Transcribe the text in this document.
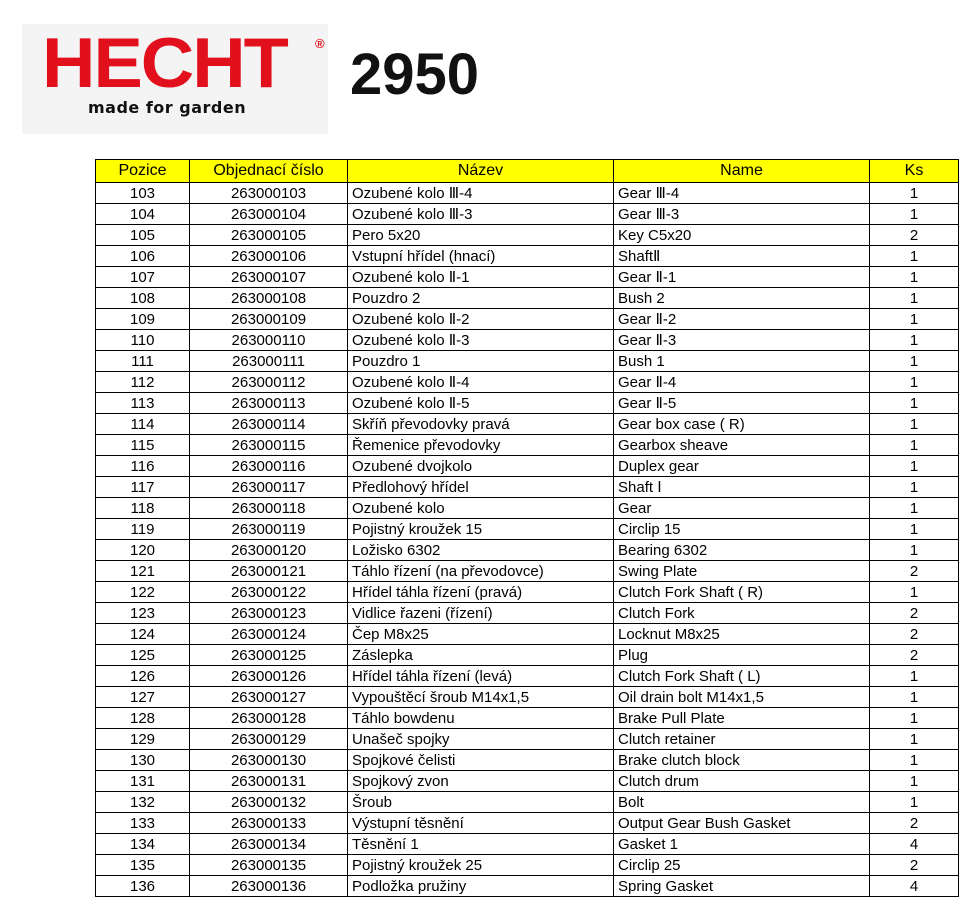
HECHT ®
made for garden
2950
Pozice	Objednací číslo	Název	Name	Ks
103	263000103	Ozubené kolo Ⅲ-4	Gear Ⅲ-4	1
104	263000104	Ozubené kolo Ⅲ-3	Gear Ⅲ-3	1
105	263000105	Pero 5x20	Key C5x20	2
106	263000106	Vstupní hřídel (hnací)	ShaftⅡ	1
107	263000107	Ozubené kolo Ⅱ-1	Gear Ⅱ-1	1
108	263000108	Pouzdro 2	Bush 2	1
109	263000109	Ozubené kolo Ⅱ-2	Gear Ⅱ-2	1
110	263000110	Ozubené kolo Ⅱ-3	Gear Ⅱ-3	1
111	263000111	Pouzdro 1	Bush 1	1
112	263000112	Ozubené kolo Ⅱ-4	Gear Ⅱ-4	1
113	263000113	Ozubené kolo Ⅱ-5	Gear Ⅱ-5	1
114	263000114	Skříň převodovky pravá	Gear box case ( R)	1
115	263000115	Řemenice převodovky	Gearbox sheave	1
116	263000116	Ozubené dvojkolo	Duplex gear	1
117	263000117	Předlohový hřídel	Shaft Ⅰ	1
118	263000118	Ozubené kolo	Gear	1
119	263000119	Pojistný kroužek 15	Circlip 15	1
120	263000120	Ložisko 6302	Bearing 6302	1
121	263000121	Táhlo řízení (na převodovce)	Swing Plate	2
122	263000122	Hřídel táhla řízení (pravá)	Clutch Fork Shaft ( R)	1
123	263000123	Vidlice řazeni (řízení)	Clutch Fork	2
124	263000124	Čep M8x25	Locknut M8x25	2
125	263000125	Záslepka	Plug	2
126	263000126	Hřídel táhla řízení (levá)	Clutch Fork Shaft ( L)	1
127	263000127	Vypouštěcí šroub M14x1,5	Oil drain bolt M14x1,5	1
128	263000128	Táhlo bowdenu	Brake Pull Plate	1
129	263000129	Unašeč spojky	Clutch retainer	1
130	263000130	Spojkové čelisti	Brake clutch block	1
131	263000131	Spojkový zvon	Clutch drum	1
132	263000132	Šroub	Bolt	1
133	263000133	Výstupní těsnění	Output Gear Bush Gasket	2
134	263000134	Těsnění 1	Gasket 1	4
135	263000135	Pojistný kroužek 25	Circlip 25	2
136	263000136	Podložka pružiny	Spring Gasket	4
